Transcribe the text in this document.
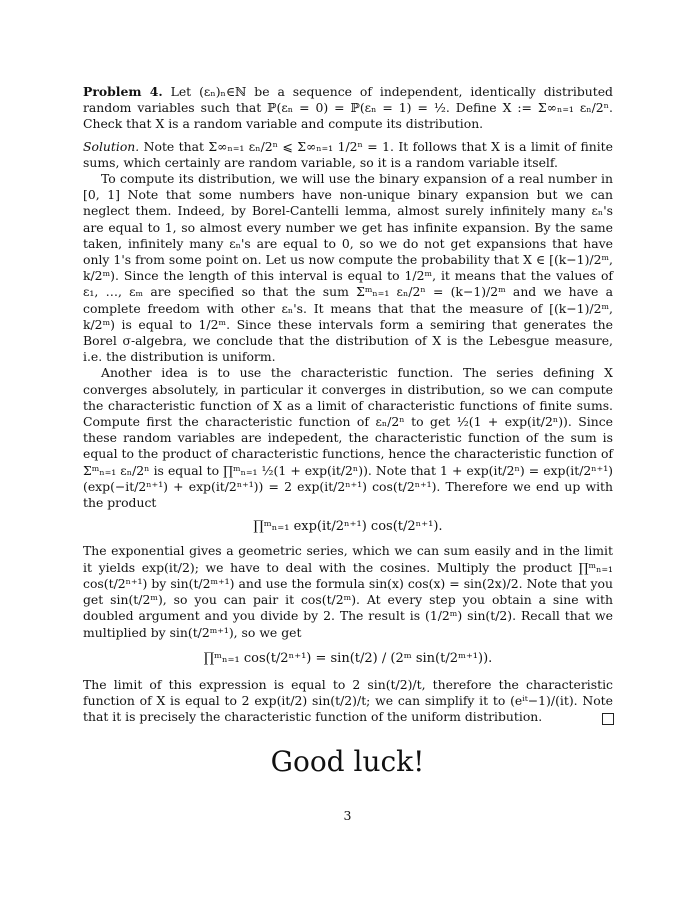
Problem 4. Let (εₙ)ₙ∈ℕ be a sequence of independent, identically distributed random variables such that ℙ(εₙ = 0) = ℙ(εₙ = 1) = ½. Define X := Σ∞ₙ₌₁ εₙ/2ⁿ. Check that X is a random variable and compute its distribution.

Solution. Note that Σ∞ₙ₌₁ εₙ/2ⁿ ⩽ Σ∞ₙ₌₁ 1/2ⁿ = 1. It follows that X is a limit of finite sums, which certainly are random variable, so it is a random variable itself.

To compute its distribution, we will use the binary expansion of a real number in [0, 1] Note that some numbers have non-unique binary expansion but we can neglect them. Indeed, by Borel-Cantelli lemma, almost surely infinitely many εₙ's are equal to 1, so almost every number we get has infinite expansion. By the same taken, infinitely many εₙ's are equal to 0, so we do not get expansions that have only 1's from some point on. Let us now compute the probability that X ∈ [(k−1)/2ᵐ, k/2ᵐ). Since the length of this interval is equal to 1/2ᵐ, it means that the values of ε₁, …, εₘ are specified so that the sum Σᵐₙ₌₁ εₙ/2ⁿ = (k−1)/2ᵐ and we have a complete freedom with other εₙ's. It means that that the measure of [(k−1)/2ᵐ, k/2ᵐ) is equal to 1/2ᵐ. Since these intervals form a semiring that generates the Borel σ-algebra, we conclude that the distribution of X is the Lebesgue measure, i.e. the distribution is uniform.

Another idea is to use the characteristic function. The series defining X converges absolutely, in particular it converges in distribution, so we can compute the characteristic function of X as a limit of characteristic functions of finite sums. Compute first the characteristic function of εₙ/2ⁿ to get ½(1 + exp(it/2ⁿ)). Since these random variables are indepedent, the characteristic function of the sum is equal to the product of characteristic functions, hence the characteristic function of Σᵐₙ₌₁ εₙ/2ⁿ is equal to ∏ᵐₙ₌₁ ½(1 + exp(it/2ⁿ)). Note that 1 + exp(it/2ⁿ) = exp(it/2ⁿ⁺¹)(exp(−it/2ⁿ⁺¹) + exp(it/2ⁿ⁺¹)) = 2 exp(it/2ⁿ⁺¹) cos(t/2ⁿ⁺¹). Therefore we end up with the product

∏ᵐₙ₌₁ exp(it/2ⁿ⁺¹) cos(t/2ⁿ⁺¹).

The exponential gives a geometric series, which we can sum easily and in the limit it yields exp(it/2); we have to deal with the cosines. Multiply the product ∏ᵐₙ₌₁ cos(t/2ⁿ⁺¹) by sin(t/2ᵐ⁺¹) and use the formula sin(x) cos(x) = sin(2x)/2. Note that you get sin(t/2ᵐ), so you can pair it cos(t/2ᵐ). At every step you obtain a sine with doubled argument and you divide by 2. The result is (1/2ᵐ) sin(t/2). Recall that we multiplied by sin(t/2ᵐ⁺¹), so we get

∏ᵐₙ₌₁ cos(t/2ⁿ⁺¹) = sin(t/2) / (2ᵐ sin(t/2ᵐ⁺¹)).

The limit of this expression is equal to 2 sin(t/2)/t, therefore the characteristic function of X is equal to 2 exp(it/2) sin(t/2)/t; we can simplify it to (eⁱᵗ−1)/(it). Note that it is precisely the characteristic function of the uniform distribution.

Good luck!
3
